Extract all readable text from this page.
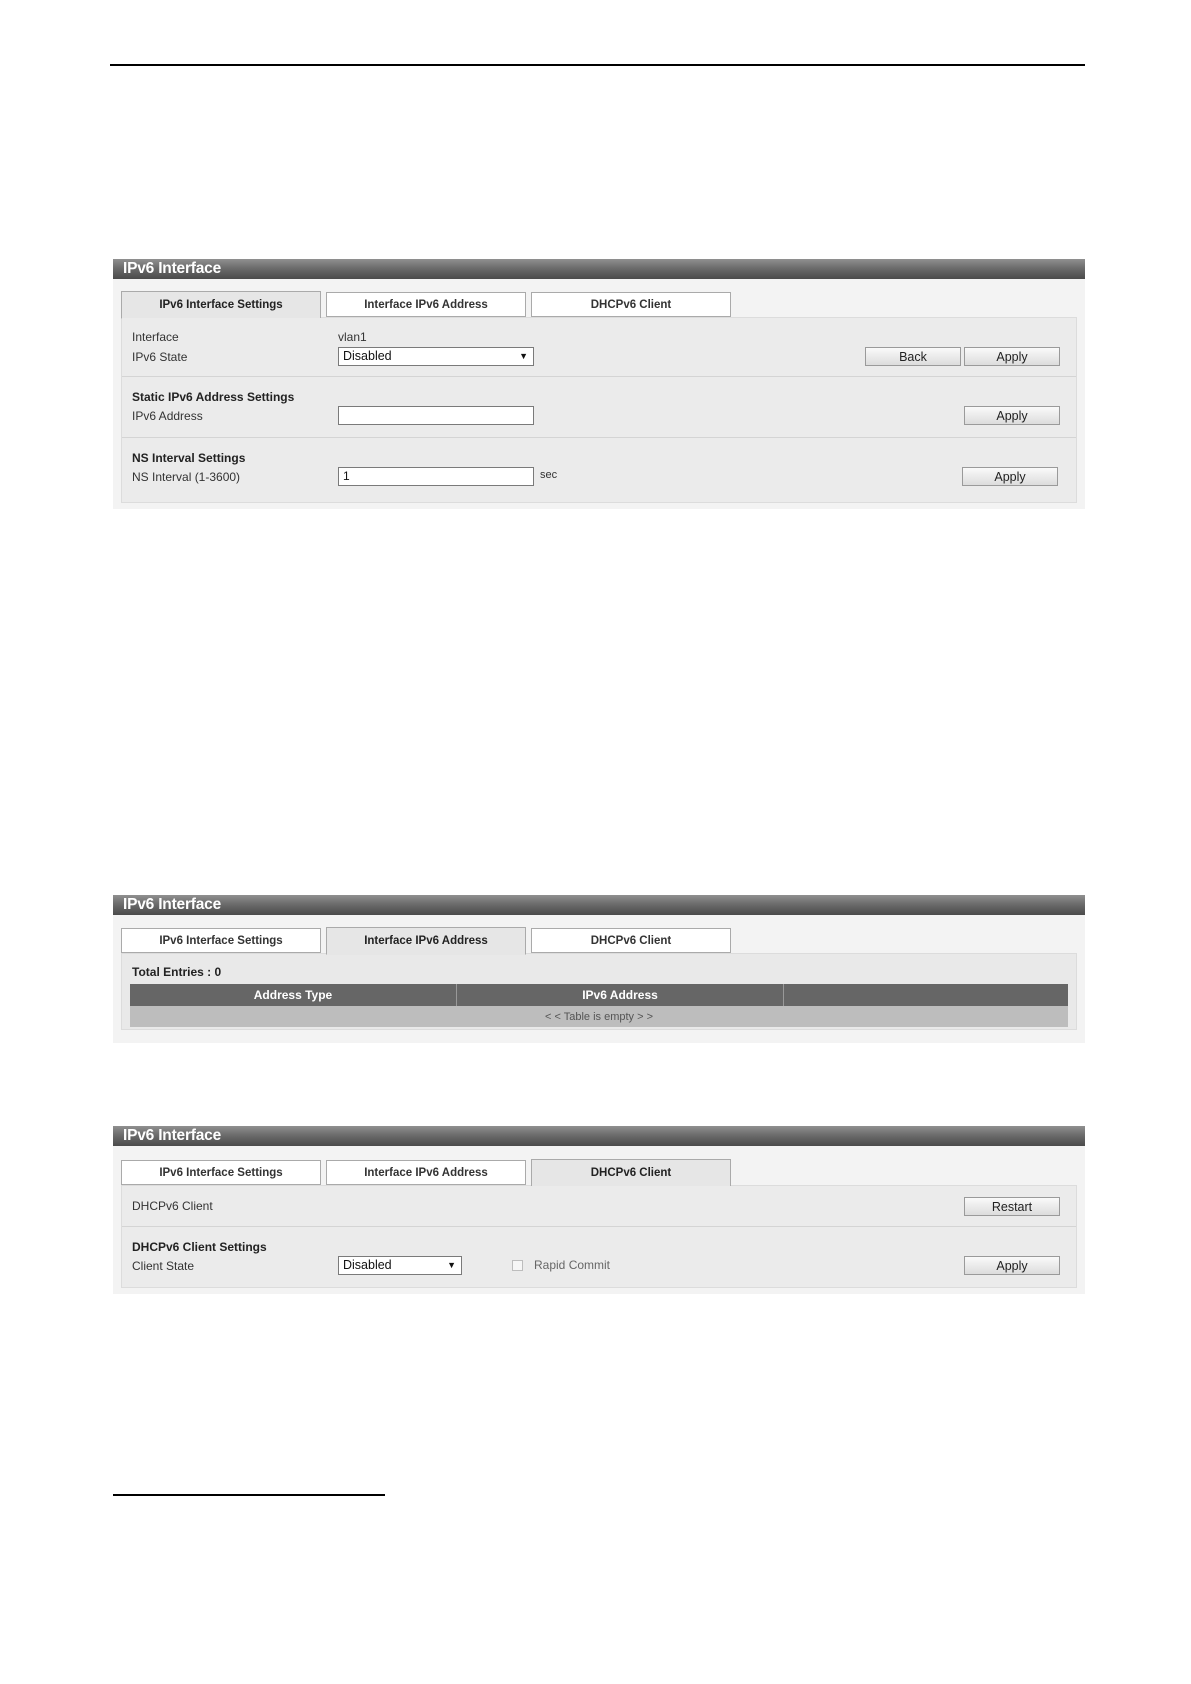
IPv6 Interface
IPv6 Interface Settings	Interface IPv6 Address	DHCPv6 Client
Interface	vlan1
IPv6 State	Disabled	▼	Back	Apply
Static IPv6 Address Settings
IPv6 Address	Apply
NS Interval Settings
NS Interval (1-3600)	1	sec	Apply
IPv6 Interface
IPv6 Interface Settings	Interface IPv6 Address	DHCPv6 Client
Total Entries : 0
Address Type	IPv6 Address
< < Table is empty > >
IPv6 Interface
IPv6 Interface Settings	Interface IPv6 Address	DHCPv6 Client
DHCPv6 Client	Restart
DHCPv6 Client Settings
Client State	Disabled	▼	Rapid Commit	Apply
